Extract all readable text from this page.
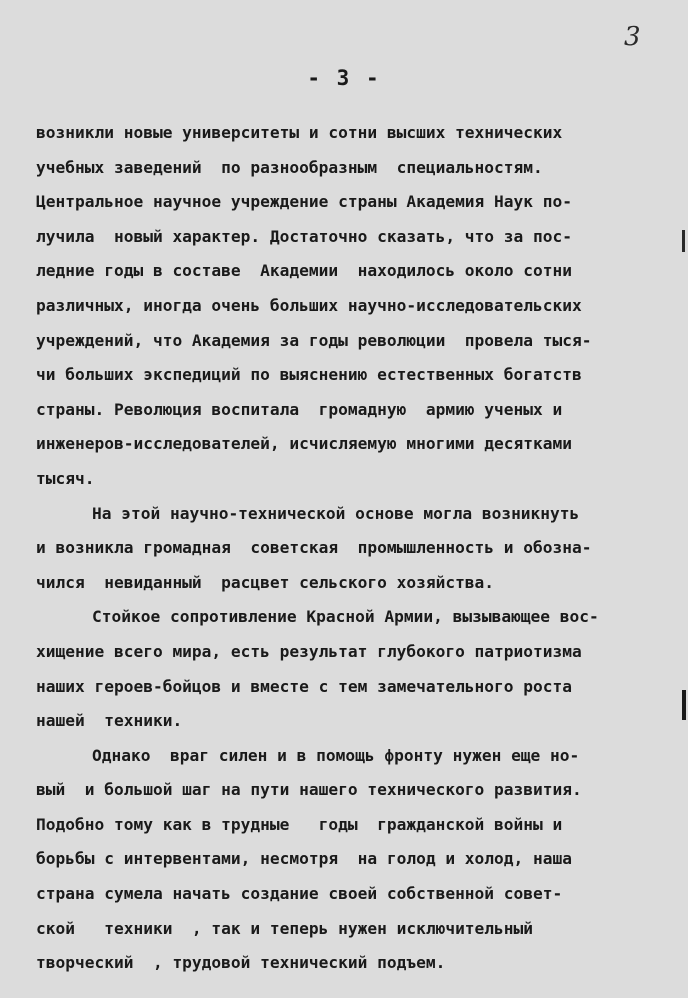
3
- 3 -
возникли новые университеты и сотни высших технических
учебных заведений  по разнообразным  специальностям.
Центральное научное учреждение страны Академия Наук по-
лучила  новый характер. Достаточно сказать, что за пос-
ледние годы в составе  Академии  находилось около сотни
различных, иногда очень больших научно-исследовательских
учреждений, что Академия за годы революции  провела тыся-
чи больших экспедиций по выяснению естественных богатств
страны. Революция воспитала  громадную  армию ученых и
инженеров-исследователей, исчисляемую многими десятками
тысяч.
На этой научно-технической основе могла возникнуть
и возникла громадная  советская  промышленность и обозна-
чился  невиданный  расцвет сельского хозяйства.
Стойкое сопротивление Красной Армии, вызывающее вос-
хищение всего мира, есть результат глубокого патриотизма
наших героев-бойцов и вместе с тем замечательного роста
нашей  техники.
Однако  враг силен и в помощь фронту нужен еще но-
вый  и большой шаг на пути нашего технического развития.
Подобно тому как в трудные   годы  гражданской войны и
борьбы с интервентами, несмотря  на голод и холод, наша
страна сумела начать создание своей собственной совет-
ской   техники  , так и теперь нужен исключительный
творческий  , трудовой технический подъем.
